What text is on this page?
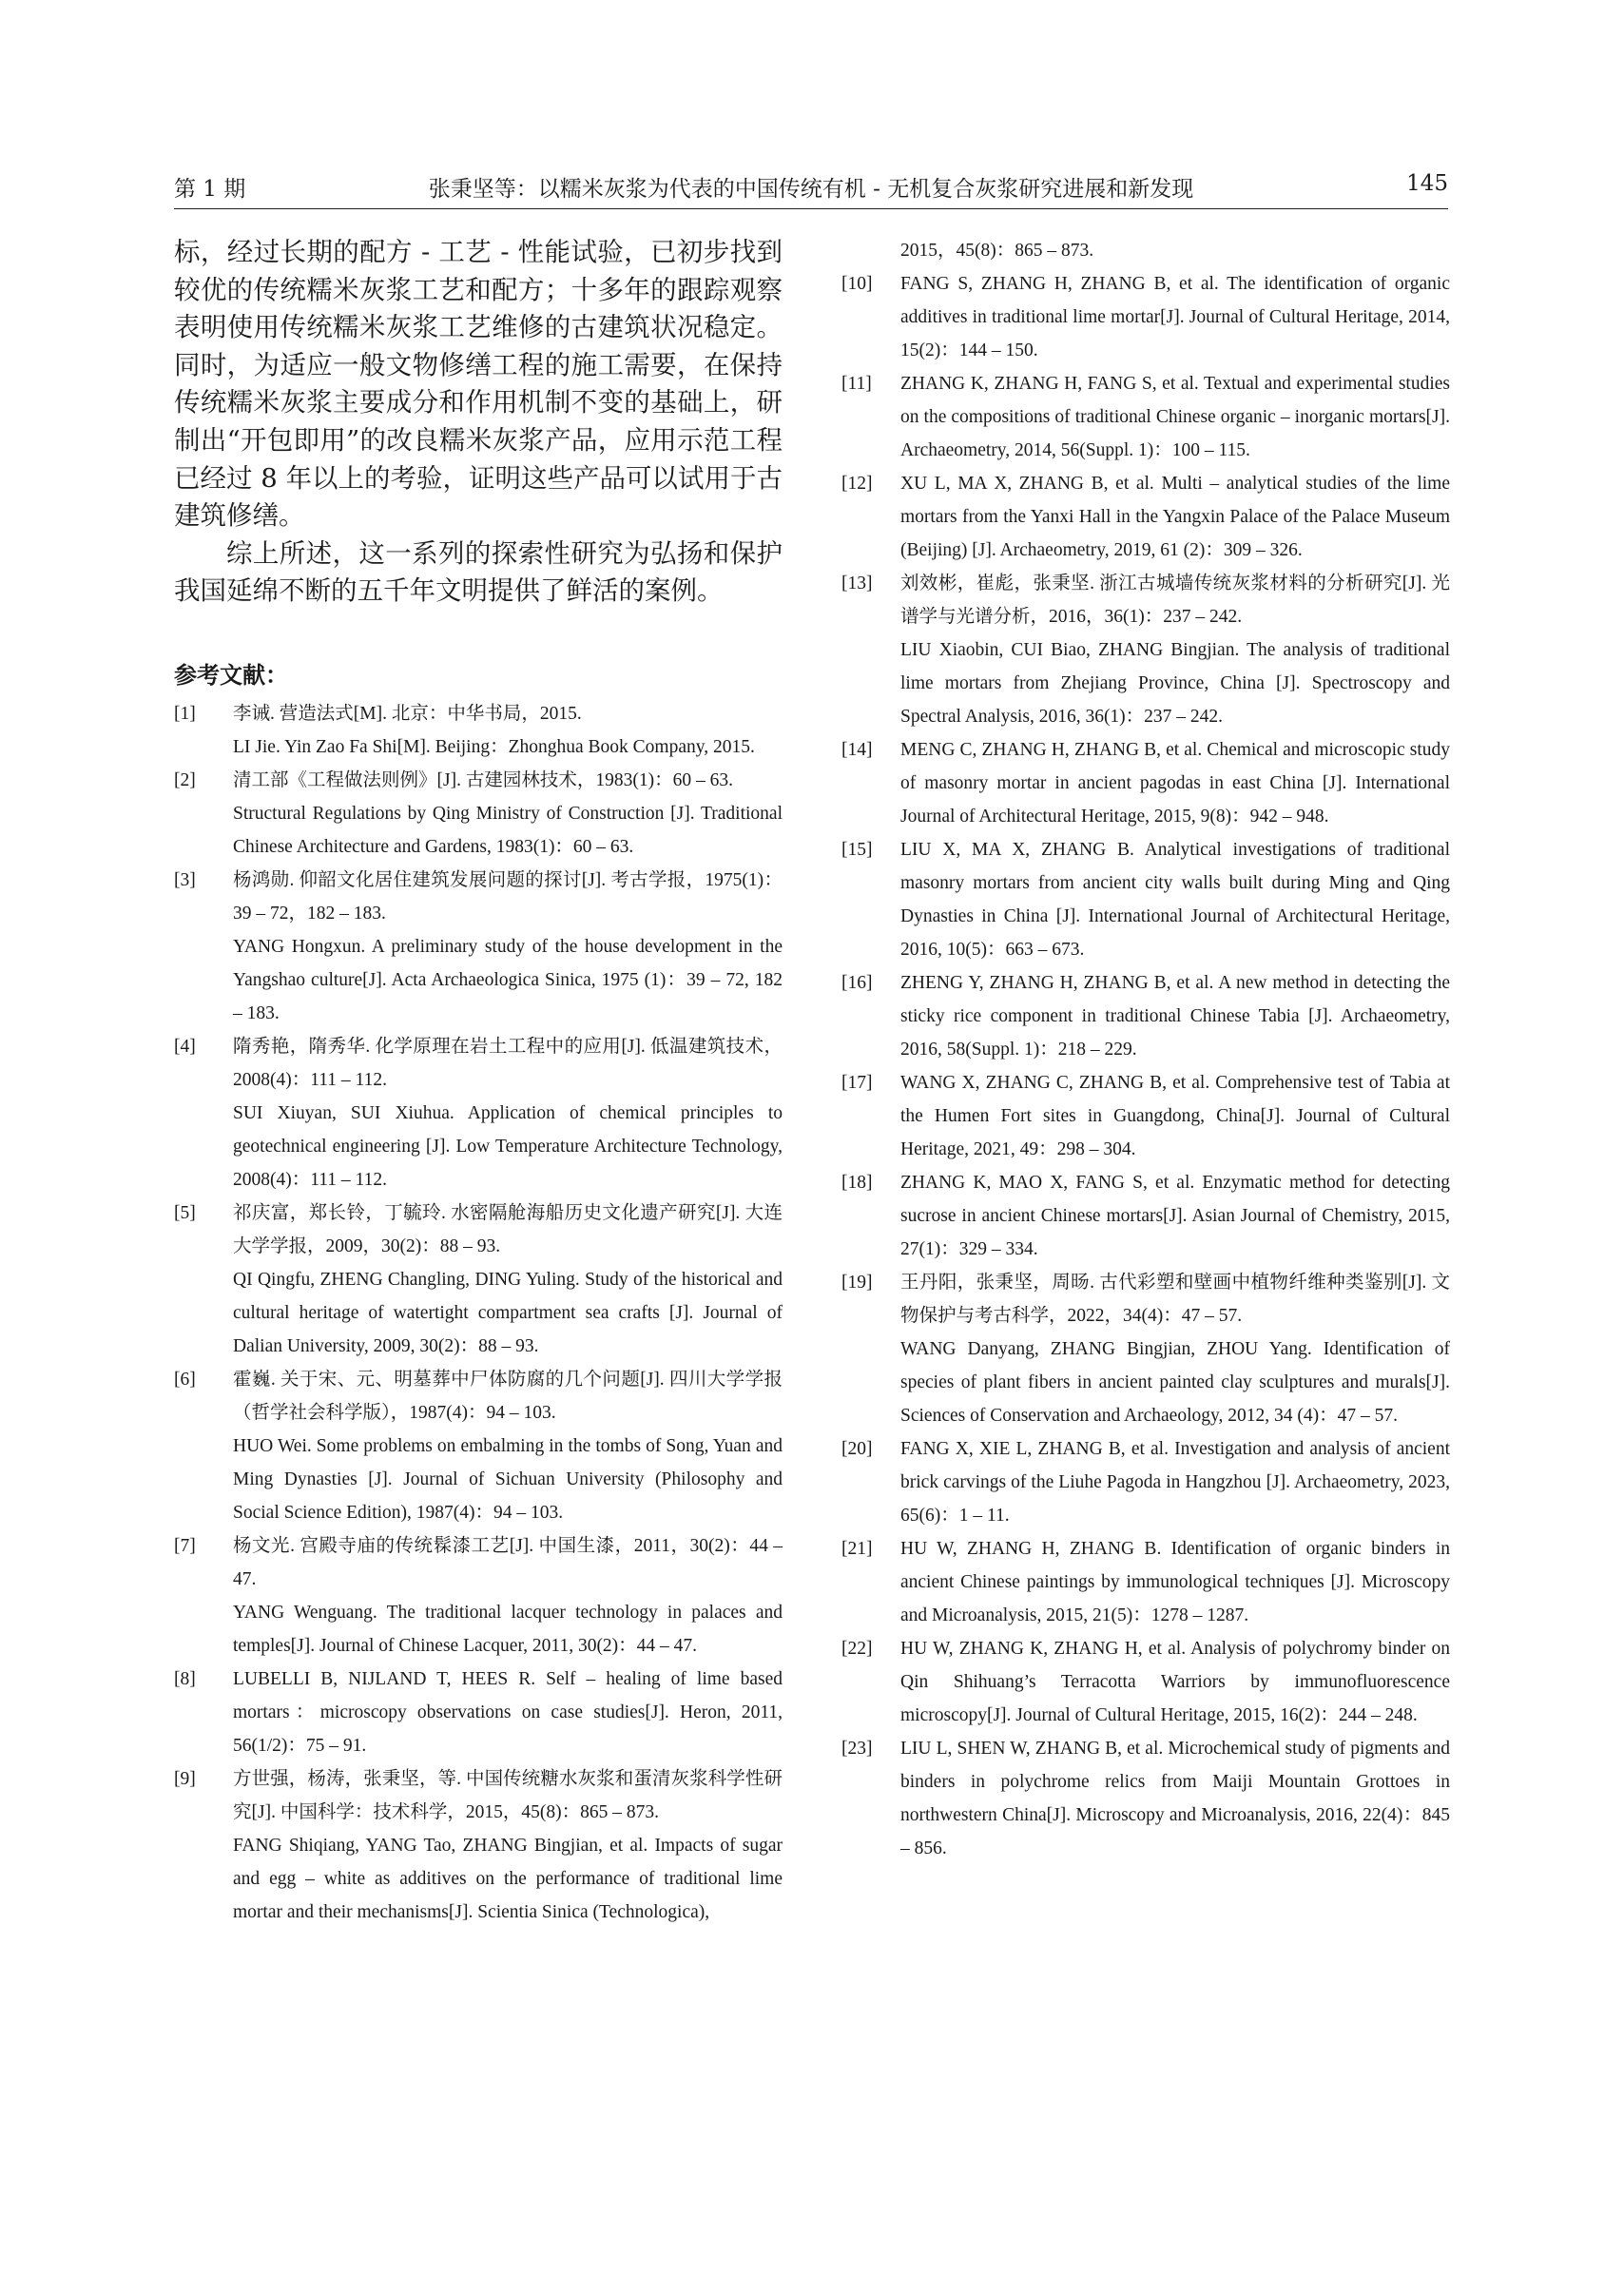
第 1 期	张秉坚等：以糯米灰浆为代表的中国传统有机 - 无机复合灰浆研究进展和新发现	145

标，经过长期的配方 - 工艺 - 性能试验，已初步找到较优的传统糯米灰浆工艺和配方；十多年的跟踪观察表明使用传统糯米灰浆工艺维修的古建筑状况稳定。同时，为适应一般文物修缮工程的施工需要，在保持传统糯米灰浆主要成分和作用机制不变的基础上，研制出“开包即用”的改良糯米灰浆产品，应用示范工程已经过 8 年以上的考验，证明这些产品可以试用于古建筑修缮。

综上所述，这一系列的探索性研究为弘扬和保护我国延绵不断的五千年文明提供了鲜活的案例。

参考文献：
[1]	李诫. 营造法式[M]. 北京：中华书局，2015.
LI Jie. Yin Zao Fa Shi[M]. Beijing：Zhonghua Book Company, 2015.
[2]	清工部《工程做法则例》[J]. 古建园林技术，1983(1)：60 – 63.
Structural Regulations by Qing Ministry of Construction [J]. Traditional Chinese Architecture and Gardens, 1983(1)：60 – 63.
[3]	杨鸿勋. 仰韶文化居住建筑发展问题的探讨[J]. 考古学报，1975(1)：39 – 72，182 – 183.
YANG Hongxun. A preliminary study of the house development in the Yangshao culture[J]. Acta Archaeologica Sinica, 1975 (1)：39 – 72, 182 – 183.
[4]	隋秀艳，隋秀华. 化学原理在岩土工程中的应用[J]. 低温建筑技术，2008(4)：111 – 112.
SUI Xiuyan, SUI Xiuhua. Application of chemical principles to geotechnical engineering [J]. Low Temperature Architecture Technology, 2008(4)：111 – 112.
[5]	祁庆富，郑长铃，丁毓玲. 水密隔舱海船历史文化遗产研究[J]. 大连大学学报，2009，30(2)：88 – 93.
QI Qingfu, ZHENG Changling, DING Yuling. Study of the historical and cultural heritage of watertight compartment sea crafts [J]. Journal of Dalian University, 2009, 30(2)：88 – 93.
[6]	霍巍. 关于宋、元、明墓葬中尸体防腐的几个问题[J]. 四川大学学报（哲学社会科学版），1987(4)：94 – 103.
HUO Wei. Some problems on embalming in the tombs of Song, Yuan and Ming Dynasties [J]. Journal of Sichuan University (Philosophy and Social Science Edition), 1987(4)：94 – 103.
[7]	杨文光. 宫殿寺庙的传统髹漆工艺[J]. 中国生漆，2011，30(2)：44 – 47.
YANG Wenguang. The traditional lacquer technology in palaces and temples[J]. Journal of Chinese Lacquer, 2011, 30(2)：44 – 47.
[8]	LUBELLI B, NIJLAND T, HEES R. Self – healing of lime based mortars：microscopy observations on case studies[J]. Heron, 2011, 56(1/2)：75 – 91.
[9]	方世强，杨涛，张秉坚，等. 中国传统糖水灰浆和蛋清灰浆科学性研究[J]. 中国科学：技术科学，2015，45(8)：865 – 873.
FANG Shiqiang, YANG Tao, ZHANG Bingjian, et al. Impacts of sugar and egg – white as additives on the performance of traditional lime mortar and their mechanisms[J]. Scientia Sinica (Technologica),
2015，45(8)：865 – 873.
[10]	FANG S, ZHANG H, ZHANG B, et al. The identification of organic additives in traditional lime mortar[J]. Journal of Cultural Heritage, 2014, 15(2)：144 – 150.
[11]	ZHANG K, ZHANG H, FANG S, et al. Textual and experimental studies on the compositions of traditional Chinese organic – inorganic mortars[J]. Archaeometry, 2014, 56(Suppl. 1)：100 – 115.
[12]	XU L, MA X, ZHANG B, et al. Multi – analytical studies of the lime mortars from the Yanxi Hall in the Yangxin Palace of the Palace Museum (Beijing) [J]. Archaeometry, 2019, 61 (2)：309 – 326.
[13]	刘效彬，崔彪，张秉坚. 浙江古城墙传统灰浆材料的分析研究[J]. 光谱学与光谱分析，2016，36(1)：237 – 242.
LIU Xiaobin, CUI Biao, ZHANG Bingjian. The analysis of traditional lime mortars from Zhejiang Province, China [J]. Spectroscopy and Spectral Analysis, 2016, 36(1)：237 – 242.
[14]	MENG C, ZHANG H, ZHANG B, et al. Chemical and microscopic study of masonry mortar in ancient pagodas in east China [J]. International Journal of Architectural Heritage, 2015, 9(8)：942 – 948.
[15]	LIU X, MA X, ZHANG B. Analytical investigations of traditional masonry mortars from ancient city walls built during Ming and Qing Dynasties in China [J]. International Journal of Architectural Heritage, 2016, 10(5)：663 – 673.
[16]	ZHENG Y, ZHANG H, ZHANG B, et al. A new method in detecting the sticky rice component in traditional Chinese Tabia [J]. Archaeometry, 2016, 58(Suppl. 1)：218 – 229.
[17]	WANG X, ZHANG C, ZHANG B, et al. Comprehensive test of Tabia at the Humen Fort sites in Guangdong, China[J]. Journal of Cultural Heritage, 2021, 49：298 – 304.
[18]	ZHANG K, MAO X, FANG S, et al. Enzymatic method for detecting sucrose in ancient Chinese mortars[J]. Asian Journal of Chemistry, 2015, 27(1)：329 – 334.
[19]	王丹阳，张秉坚，周旸. 古代彩塑和壁画中植物纤维种类鉴别[J]. 文物保护与考古科学，2022，34(4)：47 – 57.
WANG Danyang, ZHANG Bingjian, ZHOU Yang. Identification of species of plant fibers in ancient painted clay sculptures and murals[J]. Sciences of Conservation and Archaeology, 2012, 34 (4)：47 – 57.
[20]	FANG X, XIE L, ZHANG B, et al. Investigation and analysis of ancient brick carvings of the Liuhe Pagoda in Hangzhou [J]. Archaeometry, 2023, 65(6)：1 – 11.
[21]	HU W, ZHANG H, ZHANG B. Identification of organic binders in ancient Chinese paintings by immunological techniques [J]. Microscopy and Microanalysis, 2015, 21(5)：1278 – 1287.
[22]	HU W, ZHANG K, ZHANG H, et al. Analysis of polychromy binder on Qin Shihuang’s Terracotta Warriors by immunofluorescence microscopy[J]. Journal of Cultural Heritage, 2015, 16(2)：244 – 248.
[23]	LIU L, SHEN W, ZHANG B, et al. Microchemical study of pigments and binders in polychrome relics from Maiji Mountain Grottoes in northwestern China[J]. Microscopy and Microanalysis, 2016, 22(4)：845 – 856.
